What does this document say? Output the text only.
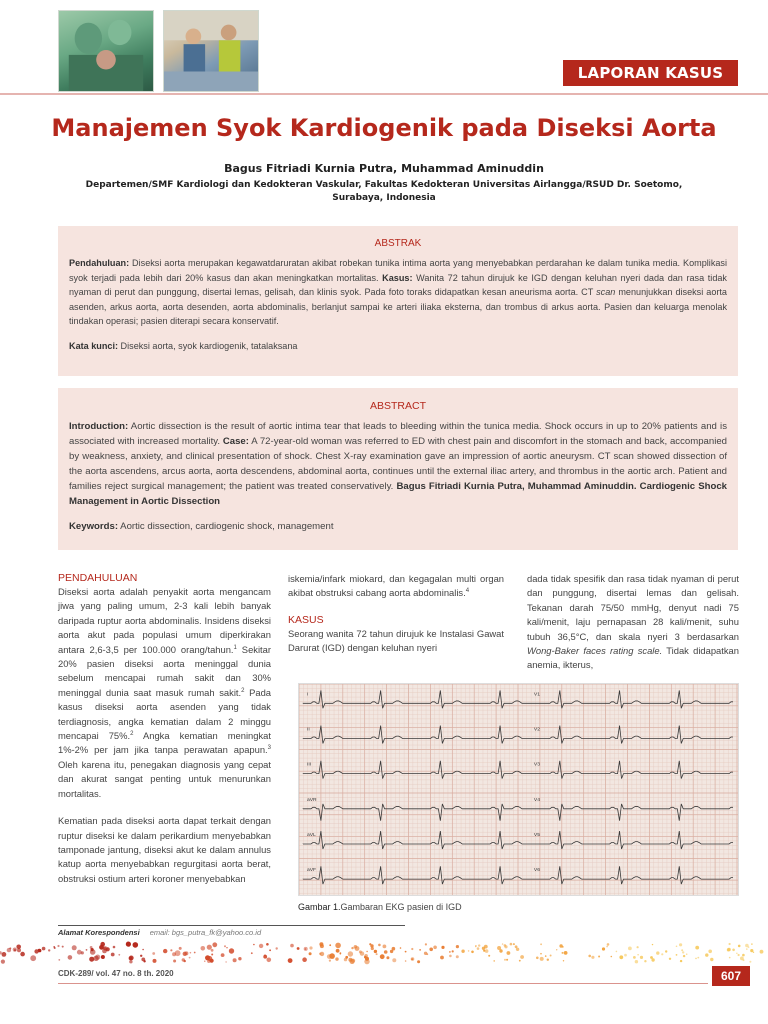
LAPORAN KASUS
Manajemen Syok Kardiogenik pada Diseksi Aorta
Bagus Fitriadi Kurnia Putra, Muhammad Aminuddin
Departemen/SMF Kardiologi dan Kedokteran Vaskular, Fakultas Kedokteran Universitas Airlangga/RSUD Dr. Soetomo, Surabaya, Indonesia
ABSTRAK

Pendahuluan: Diseksi aorta merupakan kegawatdaruratan akibat robekan tunika intima aorta yang menyebabkan perdarahan ke dalam tunika media. Komplikasi syok terjadi pada lebih dari 20% kasus dan akan meningkatkan mortalitas. Kasus: Wanita 72 tahun dirujuk ke IGD dengan keluhan nyeri dada dan rasa tidak nyaman di perut dan punggung, disertai lemas, gelisah, dan klinis syok. Pada foto toraks didapatkan kesan aneurisma aorta. CT scan menunjukkan diseksi aorta asenden, arkus aorta, aorta desenden, aorta abdominalis, berlanjut sampai ke arteri iliaka eksterna, dan trombus di arkus aorta. Pasien dan keluarga menolak tindakan operasi; pasien diterapi secara konservatif.

Kata kunci: Diseksi aorta, syok kardiogenik, tatalaksana

ABSTRACT

Introduction: Aortic dissection is the result of aortic intima tear that leads to bleeding within the tunica media. Shock occurs in up to 20% patients and is associated with increased mortality. Case: A 72-year-old woman was referred to ED with chest pain and discomfort in the stomach and back, accompanied by weakness, anxiety, and clinical presentation of shock. Chest X-ray examination gave an impression of aortic aneurysm. CT scan showed dissection of the aorta ascendens, arcus aorta, aorta descendens, abdominal aorta, continues until the external iliac artery, and thrombus in the aortic arch. Patient and families reject surgical management; the patient was treated conservatively. Bagus Fitriadi Kurnia Putra, Muhammad Aminuddin. Cardiogenic Shock Management in Aortic Dissection

Keywords: Aortic dissection, cardiogenic shock, management

PENDAHULUAN

Diseksi aorta adalah penyakit aorta mengancam jiwa yang paling umum, 2-3 kali lebih banyak daripada ruptur aorta abdominalis. Insidens diseksi aorta akut pada populasi umum diperkirakan antara 2,6-3,5 per 100.000 orang/tahun.$^1$ Sekitar 20% pasien diseksi aorta meninggal dunia sebelum mencapai rumah sakit dan 30% meninggal dunia saat masuk rumah sakit.$^2$ Pada kasus diseksi aorta asenden yang tidak terdiagnosis, angka kematian dalam 2 minggu mencapai 75%.$^2$ Angka kematian meningkat 1%-2% per jam jika tanpa perawatan apapun.$^3$ Oleh karena itu, penegakan diagnosis yang cepat dan akurat sangat penting untuk menurunkan mortalitas.

Kematian pada diseksi aorta dapat terkait dengan ruptur diseksi ke dalam perikardium menyebabkan tamponade jantung, diseksi akut ke dalam annulus katup aorta menyebabkan regurgitasi aorta berat, obstruksi ostium arteri koroner menyebabkan

iskemia/infark miokard, dan kegagalan multi organ akibat obstruksi cabang aorta abdominalis.$^4$

KASUS

Seorang wanita 72 tahun dirujuk ke Instalasi Gawat Darurat (IGD) dengan keluhan nyeri

dada tidak spesifik dan rasa tidak nyaman di perut dan punggung, disertai lemas dan gelisah. Tekanan darah 75/50 mmHg, denyut nadi 75 kali/menit, laju pernapasan 28 kali/menit, suhu tubuh 36,5°C, dan skala nyeri 3 berdasarkan Wong-Baker faces rating scale. Tidak didapatkan anemia, ikterus,

I	V1
II	V2
III	V3
aVR	V4
aVL	V5
aVF	V6
Gambar 1.Gambaran EKG pasien di IGD
Alamat Korespondensi email: bgs_putra_fk@yahoo.co.id
CDK-289/ vol. 47 no. 8 th. 2020	607
